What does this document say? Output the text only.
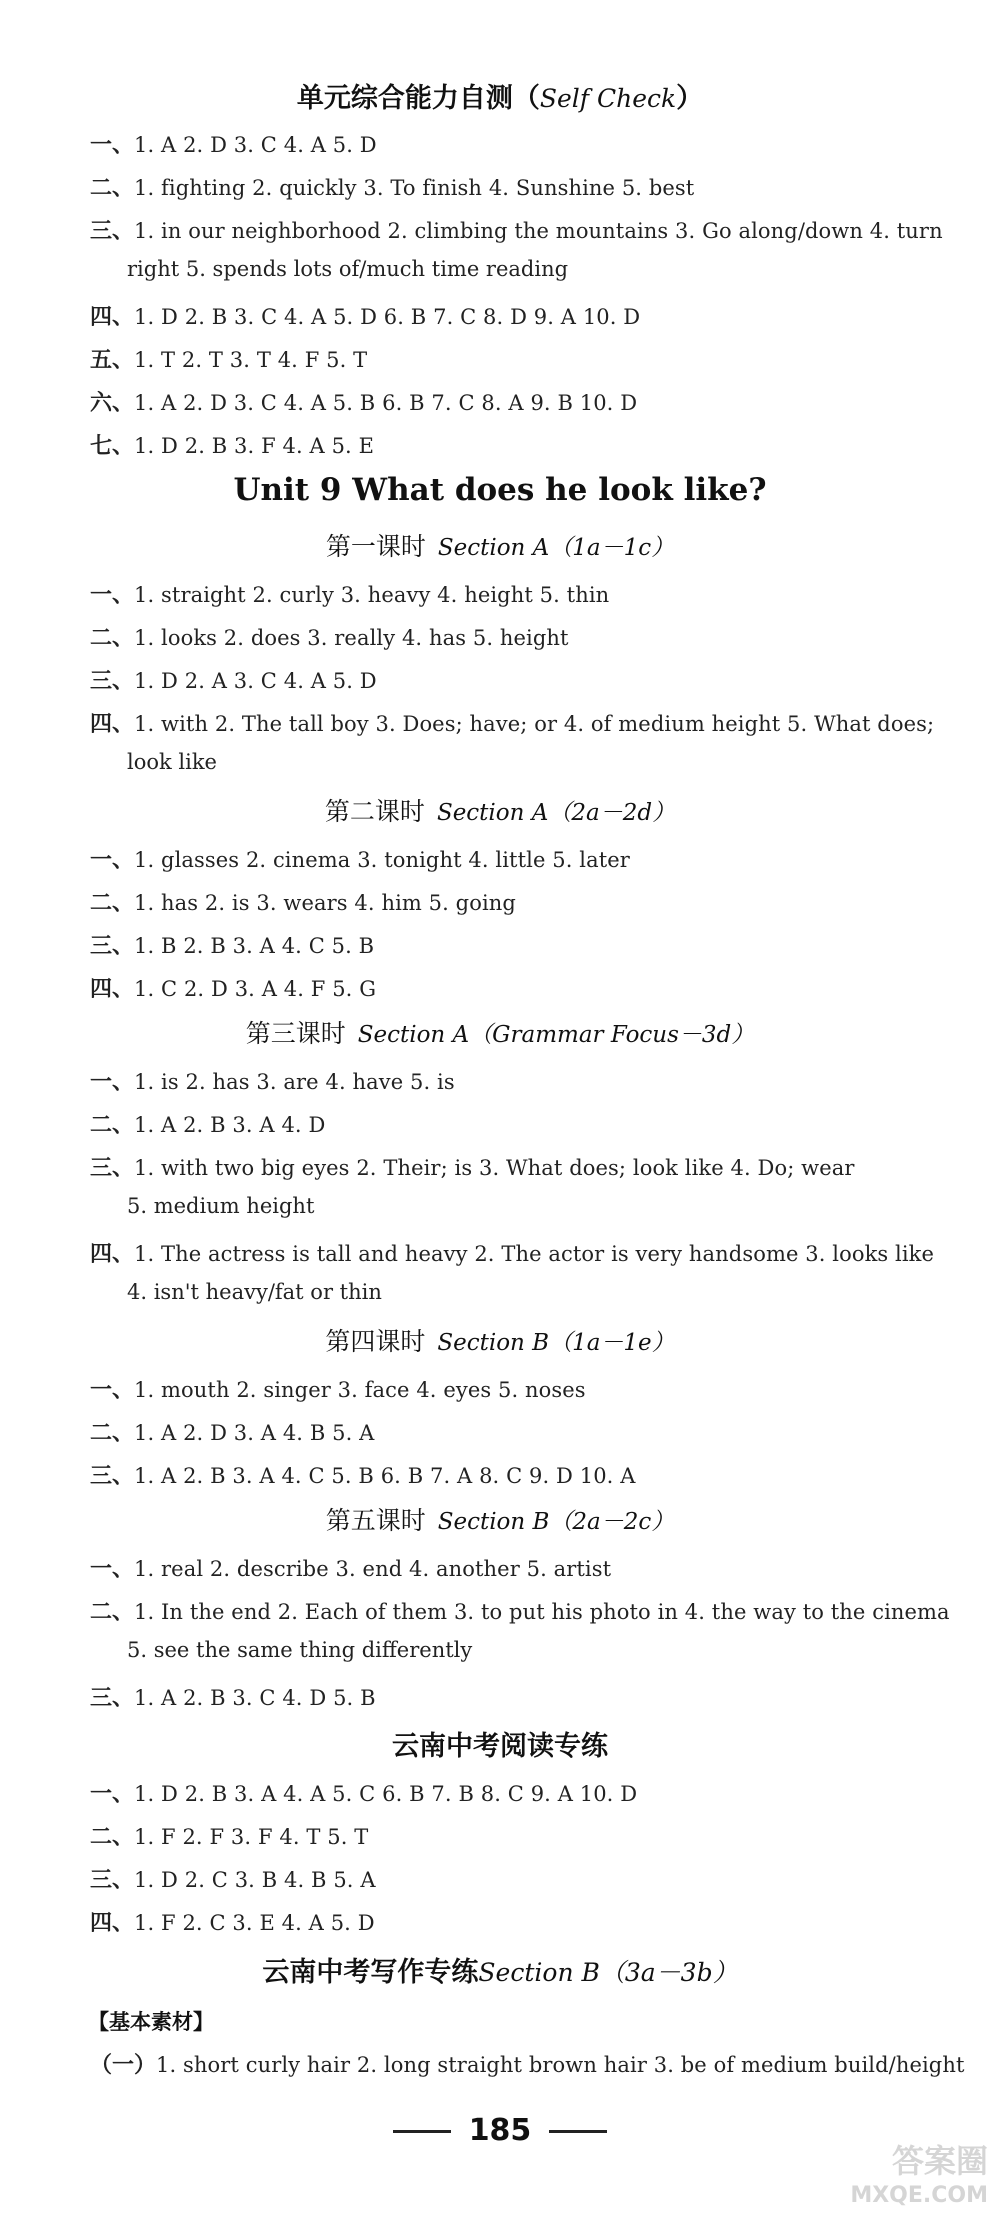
单元综合能力自测（Self Check）
一、1. A 2. D 3. C 4. A 5. D
二、1. fighting 2. quickly 3. To finish 4. Sunshine 5. best
三、1. in our neighborhood 2. climbing the mountains 3. Go along/down 4. turn
right 5. spends lots of/much time reading
四、1. D 2. B 3. C 4. A 5. D 6. B 7. C 8. D 9. A 10. D
五、1. T 2. T 3. T 4. F 5. T
六、1. A 2. D 3. C 4. A 5. B 6. B 7. C 8. A 9. B 10. D
七、1. D 2. B 3. F 4. A 5. E
Unit 9 What does he look like?
第一课时 Section A（1a－1c）
一、1. straight 2. curly 3. heavy 4. height 5. thin
二、1. looks 2. does 3. really 4. has 5. height
三、1. D 2. A 3. C 4. A 5. D
四、1. with 2. The tall boy 3. Does; have; or 4. of medium height 5. What does;
look like
第二课时 Section A（2a－2d）
一、1. glasses 2. cinema 3. tonight 4. little 5. later
二、1. has 2. is 3. wears 4. him 5. going
三、1. B 2. B 3. A 4. C 5. B
四、1. C 2. D 3. A 4. F 5. G
第三课时 Section A（Grammar Focus－3d）
一、1. is 2. has 3. are 4. have 5. is
二、1. A 2. B 3. A 4. D
三、1. with two big eyes 2. Their; is 3. What does; look like 4. Do; wear
5. medium height
四、1. The actress is tall and heavy 2. The actor is very handsome 3. looks like
4. isn't heavy/fat or thin
第四课时 Section B（1a－1e）
一、1. mouth 2. singer 3. face 4. eyes 5. noses
二、1. A 2. D 3. A 4. B 5. A
三、1. A 2. B 3. A 4. C 5. B 6. B 7. A 8. C 9. D 10. A
第五课时 Section B（2a－2c）
一、1. real 2. describe 3. end 4. another 5. artist
二、1. In the end 2. Each of them 3. to put his photo in 4. the way to the cinema
5. see the same thing differently
三、1. A 2. B 3. C 4. D 5. B
云南中考阅读专练
一、1. D 2. B 3. A 4. A 5. C 6. B 7. B 8. C 9. A 10. D
二、1. F 2. F 3. F 4. T 5. T
三、1. D 2. C 3. B 4. B 5. A
四、1. F 2. C 3. E 4. A 5. D
云南中考写作专练Section B（3a－3b）
【基本素材】
（一）1. short curly hair 2. long straight brown hair 3. be of medium build/height
185
答案圈
MXQE.COM
